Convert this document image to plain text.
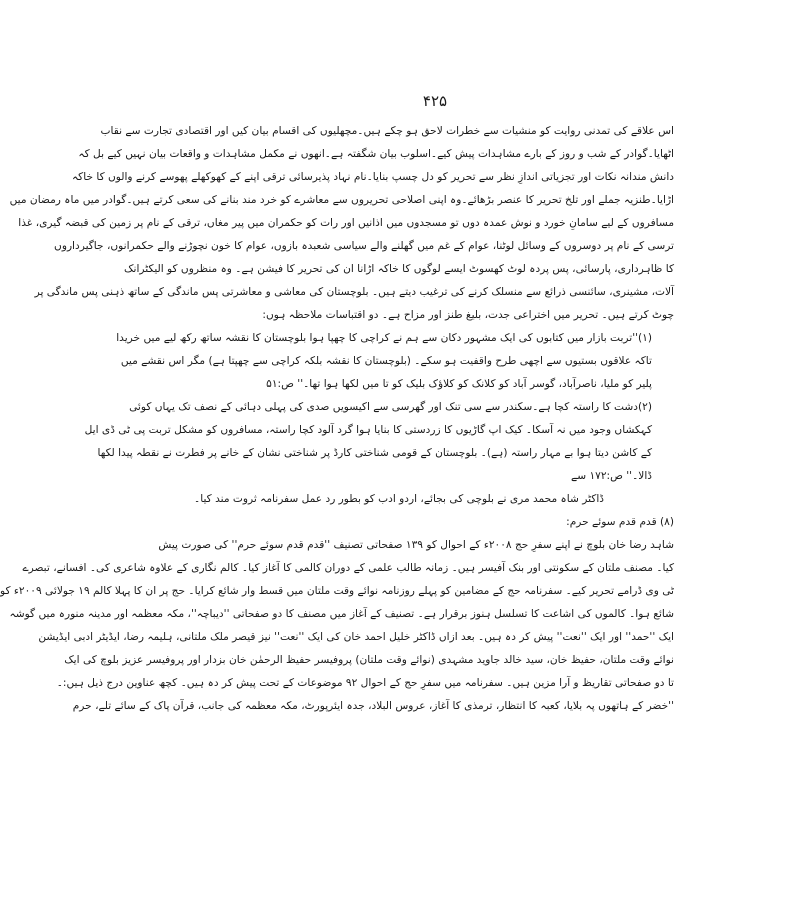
۴۲۵
اس علاقے کی تمدنی روایت کو منشیات سے خطرات لاحق ہو چکے ہیں۔مچھلیوں کی اقسام بیان کیں اور اقتصادی تجارت سے نقاب
اٹھایا۔گوادر کے شب و روز کے بارے مشاہدات پیش کیے۔اسلوب بیان شگفتہ ہے۔انھوں نے مکمل مشاہدات و واقعات بیان نہیں کیے بل کہ
دانش مندانہ نکات اور تجزیاتی اندازِ نظر سے تحریر کو دل چسپ بنایا۔نام نہاد پذیرسائی ترقی اپنے کے کھوکھلے پھوسے کرنے والوں کا خاکہ
اڑایا۔طنزیہ جملے اور تلخ تحریر کا عنصر بڑھائے۔وہ اپنی اصلاحی تحریروں سے معاشرے کو خرد مند بنانے کی سعی کرتے ہیں۔گوادر میں ماہ رمضان میں
مسافروں کے لیے سامانِ خورد و نوش عمدہ دوں تو مسجدوں میں اذانیں اور رات کو حکمران میں پیر مغاں، ترقی کے نام پر زمین کی قبضہ گیری، غذا
ترسی کے نام پر دوسروں کے وسائل لوٹنا، عوام کے غم میں گھلنے والے سیاسی شعبدہ بازوں، عوام کا خون نچوڑنے والے حکمرانوں، جاگیرداروں
کا ظاہرداری، پارسائی، پس پردہ لوٹ کھسوٹ ایسے لوگوں کا خاکہ اڑانا ان کی تحریر کا فیشن ہے۔ وہ منظروں کو الیکٹرانک
آلات، مشینری، سائنسی ذرائع سے منسلک کرنے کی ترغیب دیتے ہیں۔ بلوچستان کی معاشی و معاشرتی پس ماندگی کے ساتھ ذہنی پس ماندگی پر
چوٹ کرتے ہیں۔ تحریر میں اختراعی جدت، بلیغ طنز اور مزاح ہے۔ دو اقتباسات ملاحظہ ہوں:
(۱)''تربت بازار میں کتابوں کی ایک مشہور دکان سے ہم نے کراچی کا چھپا ہوا بلوچستان کا نقشہ ساتھ رکھ لیے میں خریدا
تاکہ علاقوں بستیوں سے اچھی طرح واقفیت ہو سکے۔ (بلوچستان کا نقشہ بلکہ کراچی سے چھپتا ہے) مگر اس نقشے میں
پلیر کو ملیا، ناصرآباد، گوسر آباد کو کلانک کو کلاؤک بلیک کو تا میں لکھا ہوا تھا۔'' ص:۵۱
(۲)دشت کا راستہ کچا ہے۔سکندر سے سی تنک اور گھرسی سے اکیسویں صدی کی پہلی دہائی کے نصف تک یہاں کوئی
کہکشاں وجود میں نہ آسکا۔ کیک اپ گاڑیوں کا زردستی کا بنایا ہوا گرد آلود کچا راستہ، مسافروں کو مشکل تربت پی ٹی ڈی ایل
کے کاشن دیتا ہوا بے مہار راستہ (ہے)۔ بلوچستان کے قومی شناختی کارڈ پر شناختی نشان کے خانے پر فطرت نے نقطہ پیدا لکھا
ڈالا۔'' ص:۱۷۲ سے
ڈاکٹر شاہ محمد مری نے بلوچی کی بجائے، اردو ادب کو بطور رد عمل سفرنامہ ثروت مند کیا۔
(۸) قدم قدم سوئے حرم:
شاہد رضا خان بلوچ نے اپنے سفرِ حج ۲۰۰۸ء کے احوال کو ۱۳۹ صفحاتی تصنیف ''قدم قدم سوئے حرم'' کی صورت پیش
کیا۔ مصنف ملتان کے سکونتی اور بنک آفیسر ہیں۔ زمانہ طالب علمی کے دوران کالمی کا آغاز کیا۔ کالم نگاری کے علاوہ شاعری کی۔ افسانے، تبصرے
ٹی وی ڈرامے تحریر کیے۔ سفرنامہ حج کے مضامین کو پہلے روزنامہ نوائے وقت ملتان میں قسط وار شائع کرایا۔ حج پر ان کا پہلا کالم ۱۹ جولائی ۲۰۰۹ء کو
شائع ہوا۔ کالموں کی اشاعت کا تسلسل ہنوز برقرار ہے۔ تصنیف کے آغاز میں مصنف کا دو صفحاتی ''دیباچہ''، مکہ معظمہ اور مدینہ منورہ میں گوشہ
ایک ''حمد'' اور ایک ''نعت'' پیش کر دہ ہیں۔ بعد ازاں ڈاکٹر خلیل احمد خان کی ایک ''نعت'' نیز قیصر ملک ملتانی، ہلیمہ رضا، ایڈیٹر ادبی ایڈیشن
نوائے وقت ملتان، حفیظ خان، سید خالد جاوید مشہدی (نوائے وقت ملتان) پروفیسر حفیظ الرحمٰن خان بزدار اور پروفیسر عزیز بلوچ کی ایک
تا دو صفحاتی تقاریظ و آرا مزین ہیں۔ سفرنامہ میں سفرِ حج کے احوال ۹۲ موضوعات کے تحت پیش کر دہ ہیں۔ کچھ عناوین درج ذیل ہیں:۔
''خضر کے ہاتھوں پہ بلایا، کعبہ کا انتظار، ترمذی کا آغاز، عروس البلاد، جدہ ایئرپورٹ، مکہ معظمہ کی جانب، قرآن پاک کے سائے تلے، حرم
